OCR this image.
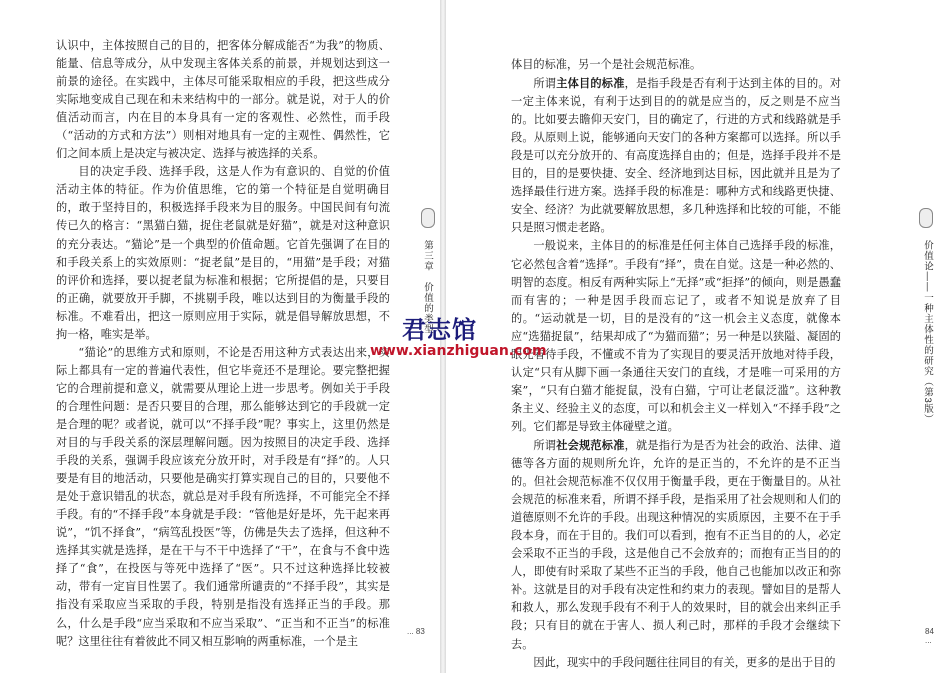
认识中，主体按照自己的目的，把客体分解成能否“为我”的物质、能量、信息等成分，从中发现主客体关系的前景，并规划达到这一前景的途径。在实践中，主体尽可能采取相应的手段，把这些成分实际地变成自己现在和未来结构中的一部分。就是说，对于人的价值活动而言，内在目的本身具有一定的客观性、必然性，而手段（“活动的方式和方法”）则相对地具有一定的主观性、偶然性，它们之间本质上是决定与被决定、选择与被选择的关系。

目的决定手段、选择手段，这是人作为有意识的、自觉的价值活动主体的特征。作为价值思维，它的第一个特征是自觉明确目的，敢于坚持目的，积极选择手段来为目的服务。中国民间有句流传已久的格言：“黑猫白猫，捉住老鼠就是好猫”，就是对这种意识的充分表达。“猫论”是一个典型的价值命题。它首先强调了在目的和手段关系上的实效原则：“捉老鼠”是目的，“用猫”是手段；对猫的评价和选择，要以捉老鼠为标准和根据；它所提倡的是，只要目的正确，就要放开手脚，不挑剔手段，唯以达到目的为衡量手段的标准。不难看出，把这一原则应用于实际，就是倡导解放思想，不拘一格，唯实是举。

“猫论”的思维方式和原则，不论是否用这种方式表达出来，实际上都具有一定的普遍代表性，但它毕竟还不是理论。要完整把握它的合理前提和意义，就需要从理论上进一步思考。例如关于手段的合理性问题：是否只要目的合理，那么能够达到它的手段就一定是合理的呢？或者说，就可以“不择手段”呢？事实上，这里仍然是对目的与手段关系的深层理解问题。因为按照目的决定手段、选择手段的关系，强调手段应该充分放开时，对手段是有“择”的。人只要是有目的地活动，只要他是确实打算实现自己的目的，只要他不是处于意识错乱的状态，就总是对手段有所选择，不可能完全不择手段。有的“不择手段”本身就是手段：“管他是好是坏，先干起来再说”，“饥不择食”，“病笃乱投医”等，仿佛是失去了选择，但这种不选择其实就是选择，是在干与不干中选择了“干”，在食与不食中选择了“食”，在投医与等死中选择了“医”。只不过这种选择比较被动，带有一定盲目性罢了。我们通常所谴责的“不择手段”，其实是指没有采取应当采取的手段，特别是指没有选择正当的手段。那么，什么是手段“应当采取和不应当采取”、“正当和不正当”的标准呢？这里往往有着彼此不同又相互影响的两重标准，一个是主

第三章　价值的类型
... 83
价值论——一种主体性的研究（第3版）
84 ...

体目的标准，另一个是社会规范标准。

所谓主体目的标准，是指手段是否有利于达到主体的目的。对一定主体来说，有利于达到目的的就是应当的，反之则是不应当的。比如要去瞻仰天安门，目的确定了，行进的方式和线路就是手段。从原则上说，能够通向天安门的各种方案都可以选择。所以手段是可以充分放开的、有高度选择自由的；但是，选择手段并不是目的，目的是要快捷、安全、经济地到达目标，因此就并且是为了选择最佳行进方案。选择手段的标准是：哪种方式和线路更快捷、安全、经济？为此就要解放思想，多几种选择和比较的可能，不能只是照习惯走老路。

一般说来，主体目的的标准是任何主体自己选择手段的标准，它必然包含着“选择”。手段有“择”，贵在自觉。这是一种必然的、明智的态度。相反有两种实际上“无择”或“拒择”的倾向，则是愚蠢而有害的；一种是因手段而忘记了，或者不知说是放弃了目的。“运动就是一切，目的是没有的”这一机会主义态度，就像本应“选猫捉鼠”，结果却成了“为猫而猫”；另一种是以狭隘、凝固的眼光看待手段，不懂或不肯为了实现目的要灵活开放地对待手段，认定“只有从脚下画一条通往天安门的直线，才是唯一可采用的方案”，“只有白猫才能捉鼠，没有白猫，宁可让老鼠泛滥”。这种教条主义、经验主义的态度，可以和机会主义一样划入“不择手段”之列。它们都是导致主体碰壁之道。

所谓社会规范标准，就是指行为是否为社会的政治、法律、道德等各方面的规则所允许，允许的是正当的，不允许的是不正当的。但社会规范标准不仅仅用于衡量手段，更在于衡量目的。从社会规范的标准来看，所谓不择手段，是指采用了社会规则和人们的道德原则不允许的手段。出现这种情况的实质原因，主要不在于手段本身，而在于目的。我们可以看到，抱有不正当目的的人，必定会采取不正当的手段，这是他自己不会放弃的；而抱有正当目的的人，即使有时采取了某些不正当的手段，他自己也能加以改正和弥补。这就是目的对手段有决定性和约束力的表现。譬如目的是帮人和救人，那么发现手段有不利于人的效果时，目的就会出来纠正手段；只有目的就在于害人、损人利己时，那样的手段才会继续下去。

因此，现实中的手段问题往往同目的有关，更多的是出于目的

君志馆
www.xianzhiguan.com
